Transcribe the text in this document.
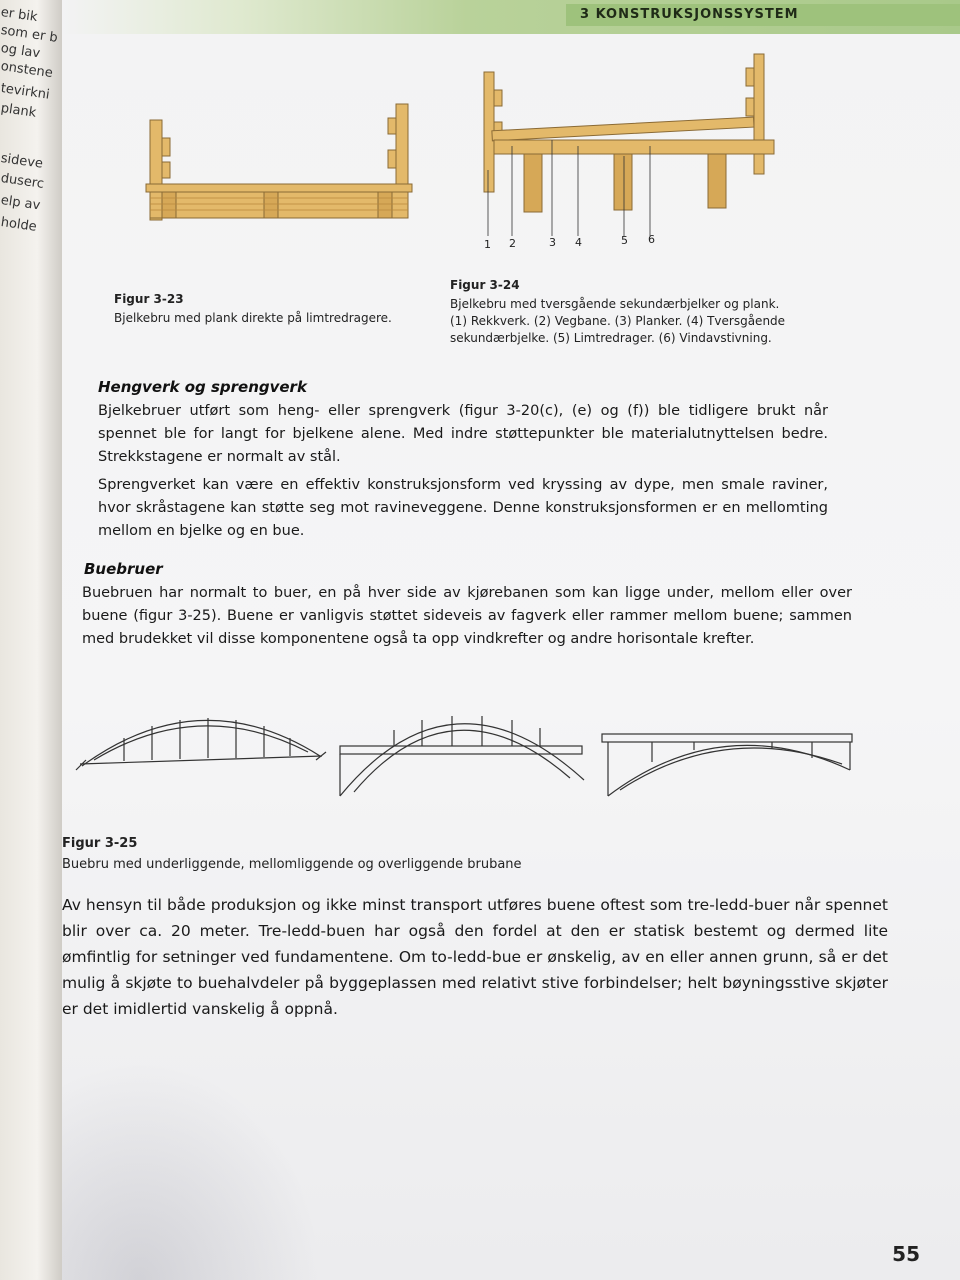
er bik
som er b
og lav
onstene
tevirkni
plank
sideve
duserc
elp av
holde
3 KONSTRUKSJONSSYSTEM
1 2	3 4	5 6
Figur 3-23
Bjelkebru med plank direkte på limtredragere.
Figur 3-24
Bjelkebru med tversgående sekundærbjelker og plank.
(1) Rekkverk. (2) Vegbane. (3) Planker. (4) Tversgående
sekundærbjelke. (5) Limtredrager. (6) Vindavstivning.
Hengverk og sprengverk
Bjelkebruer utført som heng- eller sprengverk (figur 3-20(c), (e) og (f)) ble tidligere brukt når spennet ble for langt for bjelkene alene. Med indre støttepunkter ble materialutnyttelsen bedre. Strekkstagene er normalt av stål.
Sprengverket kan være en effektiv konstruksjonsform ved kryssing av dype, men smale raviner, hvor skråstagene kan støtte seg mot ravineveggene. Denne konstruksjonsformen er en mellomting mellom en bjelke og en bue.
Buebruer
Buebruen har normalt to buer, en på hver side av kjørebanen som kan ligge under, mellom eller over buene (figur 3-25). Buene er vanligvis støttet sideveis av fagverk eller rammer mellom buene; sammen med brudekket vil disse komponentene også ta opp vindkrefter og andre horisontale krefter.
Figur 3-25
Buebru med underliggende, mellomliggende og overliggende brubane
Av hensyn til både produksjon og ikke minst transport utføres buene oftest som tre-ledd-buer når spennet blir over ca. 20 meter. Tre-ledd-buen har også den fordel at den er statisk bestemt og dermed lite ømfintlig for setninger ved fundamentene. Om to-ledd-bue er ønskelig, av en eller annen grunn, så er det mulig å skjøte to buehalvdeler på byggeplassen med relativt stive forbindelser; helt bøyningsstive skjøter er det imidlertid vanskelig å oppnå.
55
